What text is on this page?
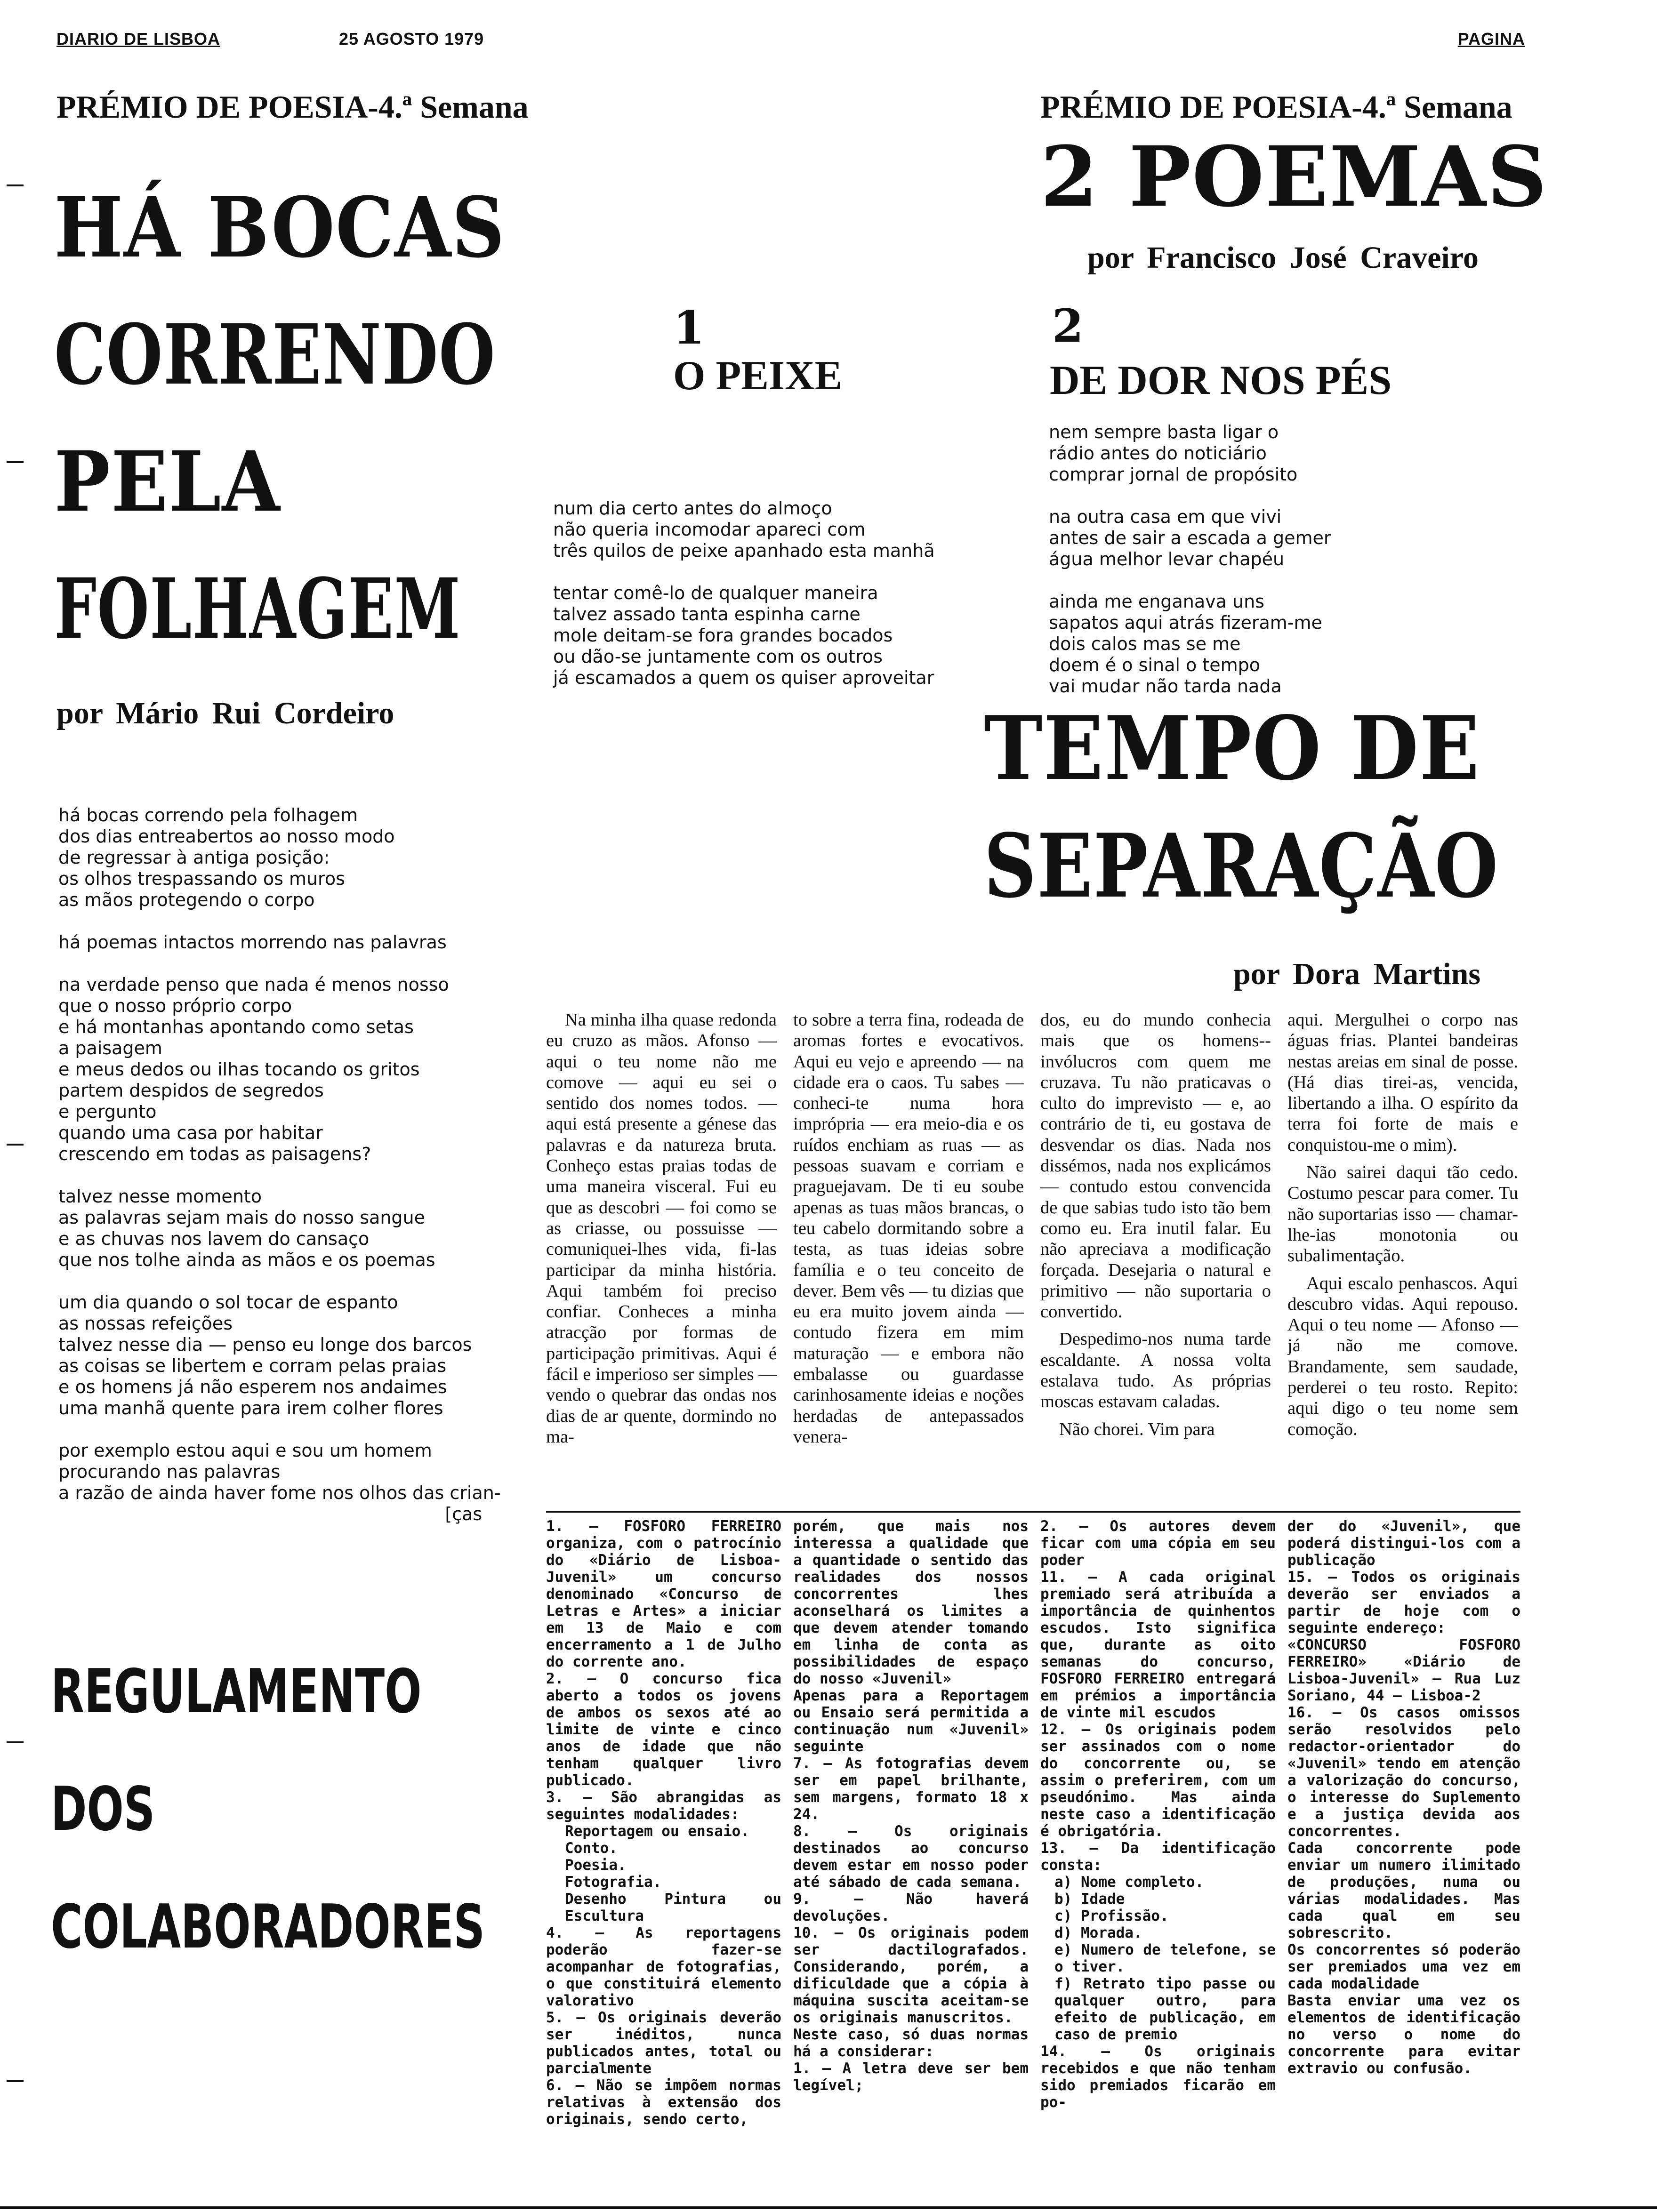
DIARIO DE LISBOA	25 AGOSTO 1979	PAGINA
PRÉMIO DE POESIA-4.ª Semana
HÁ BOCAS
CORRENDO
PELA
FOLHAGEM
por Mário Rui Cordeiro
há bocas correndo pela folhagem
dos dias entreabertos ao nosso modo
de regressar à antiga posição:
os olhos trespassando os muros
as mãos protegendo o corpo

há poemas intactos morrendo nas palavras

na verdade penso que nada é menos nosso
que o nosso próprio corpo
e há montanhas apontando como setas
a paisagem
e meus dedos ou ilhas tocando os gritos
partem despidos de segredos
e pergunto
quando uma casa por habitar
crescendo em todas as paisagens?

talvez nesse momento
as palavras sejam mais do nosso sangue
e as chuvas nos lavem do cansaço
que nos tolhe ainda as mãos e os poemas

um dia quando o sol tocar de espanto
as nossas refeições
talvez nesse dia — penso eu longe dos barcos
as coisas se libertem e corram pelas praias
e os homens já não esperem nos andaimes
uma manhã quente para irem colher flores

por exemplo estou aqui e sou um homem
procurando nas palavras
a razão de ainda haver fome nos olhos das crian-
[ças
1
O PEIXE
num dia certo antes do almoço
não queria incomodar apareci com
três quilos de peixe apanhado esta manhã

tentar comê-lo de qualquer maneira
talvez assado tanta espinha carne
mole deitam-se fora grandes bocados
ou dão-se juntamente com os outros
já escamados a quem os quiser aproveitar
PRÉMIO DE POESIA-4.ª Semana
2 POEMAS
por Francisco José Craveiro
2
DE DOR NOS PÉS
nem sempre basta ligar o
rádio antes do noticiário
comprar jornal de propósito

na outra casa em que vivi
antes de sair a escada a gemer
água melhor levar chapéu

ainda me enganava uns
sapatos aqui atrás fizeram-me
dois calos mas se me
doem é o sinal o tempo
vai mudar não tarda nada
TEMPO DE
SEPARAÇÃO
por Dora Martins

Na minha ilha quase redonda eu cruzo as mãos. Afonso — aqui o teu nome não me comove — aqui eu sei o sentido dos nomes todos. — aqui está presente a génese das palavras e da natureza bruta. Conheço estas praias todas de uma maneira visceral. Fui eu que as descobri — foi como se as criasse, ou possuisse — comuniquei-lhes vida, fi-las participar da minha história. Aqui também foi preciso confiar. Conheces a minha atracção por formas de participação primitivas. Aqui é fácil e imperioso ser simples — vendo o quebrar das ondas nos dias de ar quente, dormindo no ma-

to sobre a terra fina, rodeada de aromas fortes e evocativos. Aqui eu vejo e apreendo — na cidade era o caos. Tu sabes — conheci-te numa hora imprópria — era meio-dia e os ruídos enchiam as ruas — as pessoas suavam e corriam e praguejavam. De ti eu soube apenas as tuas mãos brancas, o teu cabelo dormitando sobre a testa, as tuas ideias sobre família e o teu conceito de dever. Bem vês — tu dizias que eu era muito jovem ainda — contudo fizera em mim maturação — e embora não embalasse ou guardasse carinhosamente ideias e noções herdadas de antepassados venera-

dos, eu do mundo conhecia mais que os homens--invólucros com quem me cruzava. Tu não praticavas o culto do imprevisto — e, ao contrário de ti, eu gostava de desvendar os dias. Nada nos dissémos, nada nos explicámos — contudo estou convencida de que sabias tudo isto tão bem como eu. Era inutil falar. Eu não apreciava a modificação forçada. Desejaria o natural e primitivo — não suportaria o convertido.

Despedimo-nos numa tarde escaldante. A nossa volta estalava tudo. As próprias moscas estavam caladas.

Não chorei. Vim para

aqui. Mergulhei o corpo nas águas frias. Plantei bandeiras nestas areias em sinal de posse. (Há dias tirei-as, vencida, libertando a ilha. O espírito da terra foi forte de mais e conquistou-me o mim).

Não sairei daqui tão cedo. Costumo pescar para comer. Tu não suportarias isso — chamar-lhe-ias monotonia ou subalimentação.

Aqui escalo penhascos. Aqui descubro vidas. Aqui repouso. Aqui o teu nome — Afonso — já não me comove. Brandamente, sem saudade, perderei o teu rosto. Repito: aqui digo o teu nome sem comoção.

REGULAMENTO
DOS
COLABORADORES

1. — FOSFORO FERREIRO organiza, com o patrocínio do «Diário de Lisboa-Juvenil» um concurso denominado «Concurso de Letras e Artes» a iniciar em 13 de Maio e com encerramento a 1 de Julho do corrente ano.

2. — O concurso fica aberto a todos os jovens de ambos os sexos até ao limite de vinte e cinco anos de idade que não tenham qualquer livro publicado.

3. — São abrangidas as seguintes modalidades:

Reportagem ou ensaio.

Conto.

Poesia.

Fotografia.

Desenho Pintura ou Escultura

4. — As reportagens poderão fazer-se acompanhar de fotografias, o que constituirá elemento valorativo

5. — Os originais deverão ser inéditos, nunca publicados antes, total ou parcialmente

6. — Não se impõem normas relativas à extensão dos originais, sendo certo,

porém, que mais nos interessa a qualidade que a quantidade o sentido das realidades dos nossos concorrentes lhes aconselhará os limites a que devem atender tomando em linha de conta as possibilidades de espaço do nosso «Juvenil»

Apenas para a Reportagem ou Ensaio será permitida a continuação num «Juvenil» seguinte

7. — As fotografias devem ser em papel brilhante, sem margens, formato 18 x 24.

8. — Os originais destinados ao concurso devem estar em nosso poder até sábado de cada semana.

9. — Não haverá devoluções.

10. — Os originais podem ser dactilografados. Considerando, porém, a dificuldade que a cópia à máquina suscita aceitam-se os originais manuscritos.

Neste caso, só duas normas há a considerar:

1. — A letra deve ser bem legível;

2. — Os autores devem ficar com uma cópia em seu poder

11. — A cada original premiado será atribuída a importância de quinhentos escudos. Isto significa que, durante as oito semanas do concurso, FOSFORO FERREIRO entregará em prémios a importância de vinte mil escudos

12. — Os originais podem ser assinados com o nome do concorrente ou, se assim o preferirem, com um pseudónimo. Mas ainda neste caso a identificação é obrigatória.

13. — Da identificação consta:

a) Nome completo.

b) Idade

c) Profissão.

d) Morada.

e) Numero de telefone, se o tiver.

f) Retrato tipo passe ou qualquer outro, para efeito de publicação, em caso de premio

14. — Os originais recebidos e que não tenham sido premiados ficarão em po-

der do «Juvenil», que poderá distingui-los com a publicação

15. — Todos os originais deverão ser enviados a partir de hoje com o seguinte endereço:

«CONCURSO FOSFORO FERREIRO» «Diário de Lisboa-Juvenil» — Rua Luz Soriano, 44 — Lisboa-2

16. — Os casos omissos serão resolvidos pelo redactor-orientador do «Juvenil» tendo em atenção a valorização do concurso, o interesse do Suplemento e a justiça devida aos concorrentes.

Cada concorrente pode enviar um numero ilimitado de produções, numa ou várias modalidades. Mas cada qual em seu sobrescrito.

Os concorrentes só poderão ser premiados uma vez em cada modalidade

Basta enviar uma vez os elementos de identificação no verso o nome do concorrente para evitar extravio ou confusão.
